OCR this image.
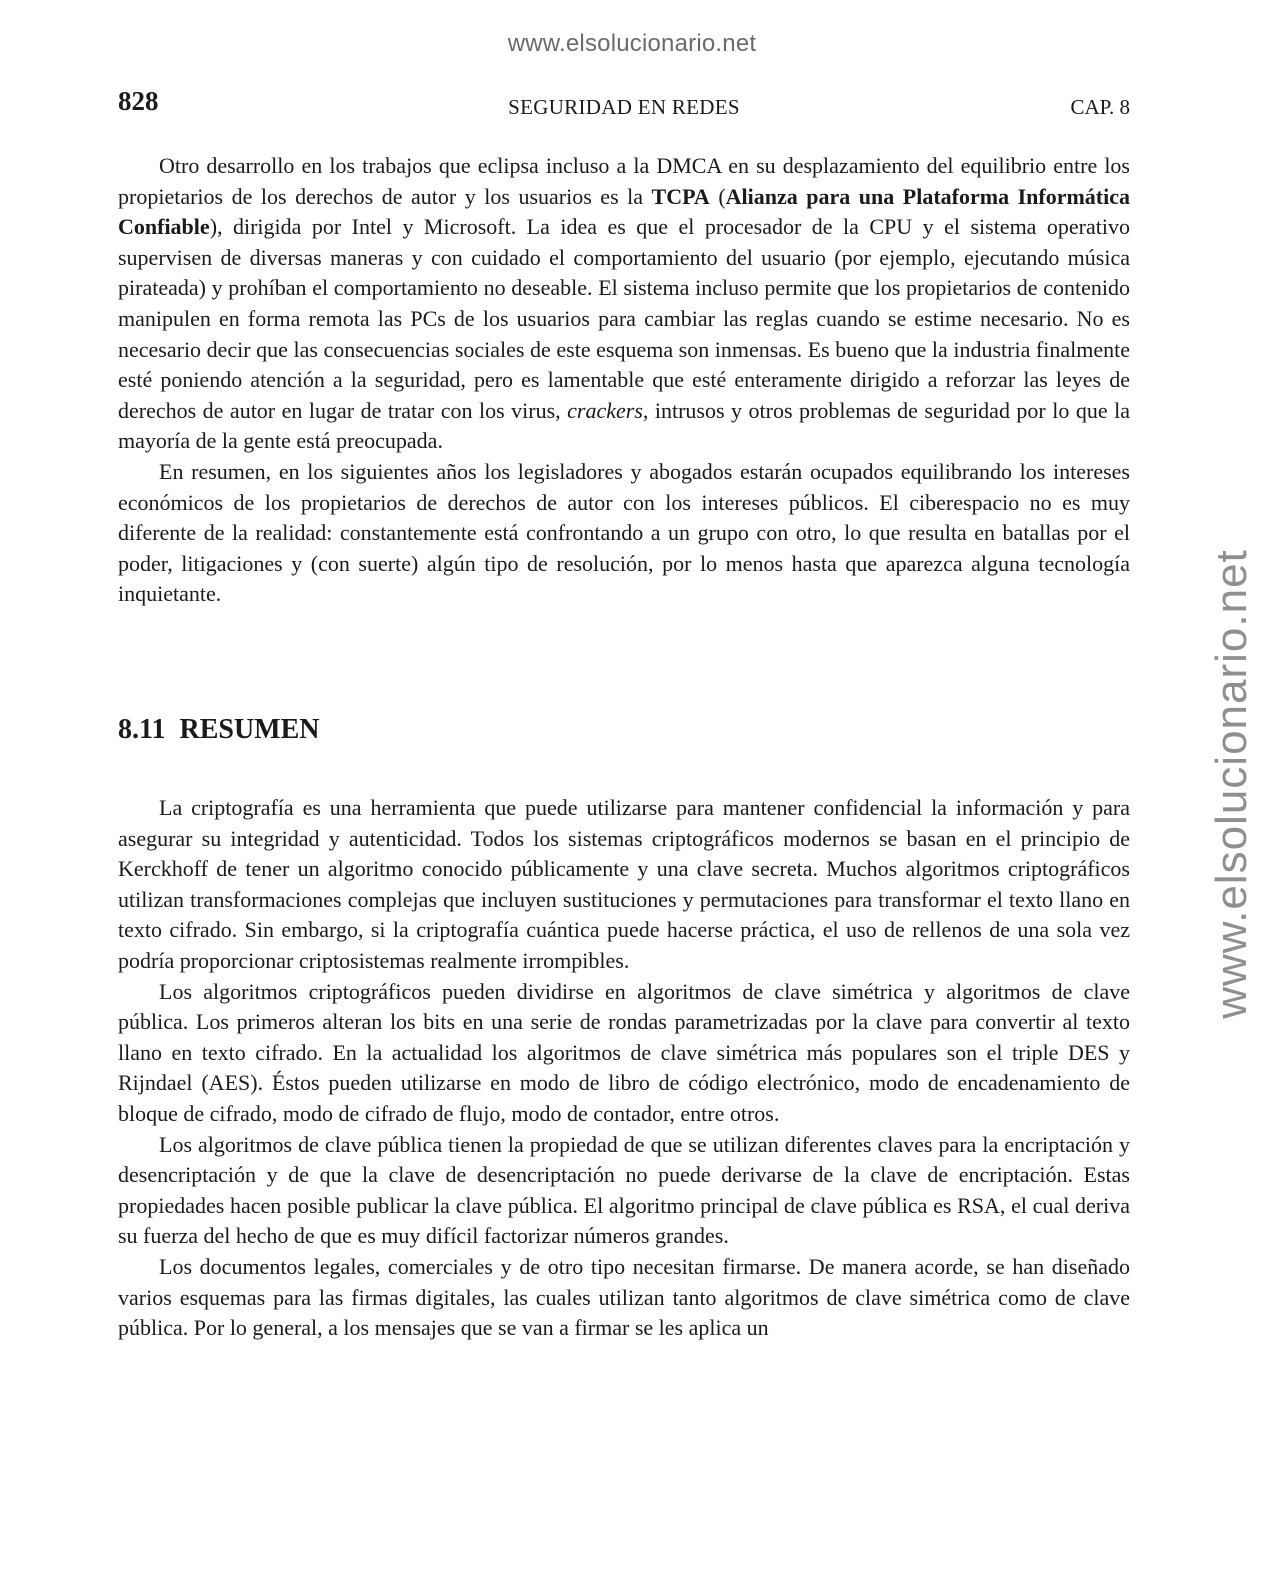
www.elsolucionario.net
www.elsolucionario.net
828	SEGURIDAD EN REDES	CAP. 8

Otro desarrollo en los trabajos que eclipsa incluso a la DMCA en su desplazamiento del equilibrio entre los propietarios de los derechos de autor y los usuarios es la TCPA (Alianza para una Plataforma Informática Confiable), dirigida por Intel y Microsoft. La idea es que el procesador de la CPU y el sistema operativo supervisen de diversas maneras y con cuidado el comportamiento del usuario (por ejemplo, ejecutando música pirateada) y prohíban el comportamiento no deseable. El sistema incluso permite que los propietarios de contenido manipulen en forma remota las PCs de los usuarios para cambiar las reglas cuando se estime necesario. No es necesario decir que las consecuencias sociales de este esquema son inmensas. Es bueno que la industria finalmente esté poniendo atención a la seguridad, pero es lamentable que esté enteramente dirigido a reforzar las leyes de derechos de autor en lugar de tratar con los virus, crackers, intrusos y otros problemas de seguridad por lo que la mayoría de la gente está preocupada.

En resumen, en los siguientes años los legisladores y abogados estarán ocupados equilibrando los intereses económicos de los propietarios de derechos de autor con los intereses públicos. El ciberespacio no es muy diferente de la realidad: constantemente está confrontando a un grupo con otro, lo que resulta en batallas por el poder, litigaciones y (con suerte) algún tipo de resolución, por lo menos hasta que aparezca alguna tecnología inquietante.

8.11 RESUMEN

La criptografía es una herramienta que puede utilizarse para mantener confidencial la información y para asegurar su integridad y autenticidad. Todos los sistemas criptográficos modernos se basan en el principio de Kerckhoff de tener un algoritmo conocido públicamente y una clave secreta. Muchos algoritmos criptográficos utilizan transformaciones complejas que incluyen sustituciones y permutaciones para transformar el texto llano en texto cifrado. Sin embargo, si la criptografía cuántica puede hacerse práctica, el uso de rellenos de una sola vez podría proporcionar criptosistemas realmente irrompibles.

Los algoritmos criptográficos pueden dividirse en algoritmos de clave simétrica y algoritmos de clave pública. Los primeros alteran los bits en una serie de rondas parametrizadas por la clave para convertir al texto llano en texto cifrado. En la actualidad los algoritmos de clave simétrica más populares son el triple DES y Rijndael (AES). Éstos pueden utilizarse en modo de libro de código electrónico, modo de encadenamiento de bloque de cifrado, modo de cifrado de flujo, modo de contador, entre otros.

Los algoritmos de clave pública tienen la propiedad de que se utilizan diferentes claves para la encriptación y desencriptación y de que la clave de desencriptación no puede derivarse de la clave de encriptación. Estas propiedades hacen posible publicar la clave pública. El algoritmo principal de clave pública es RSA, el cual deriva su fuerza del hecho de que es muy difícil factorizar números grandes.

Los documentos legales, comerciales y de otro tipo necesitan firmarse. De manera acorde, se han diseñado varios esquemas para las firmas digitales, las cuales utilizan tanto algoritmos de clave simétrica como de clave pública. Por lo general, a los mensajes que se van a firmar se les aplica un
